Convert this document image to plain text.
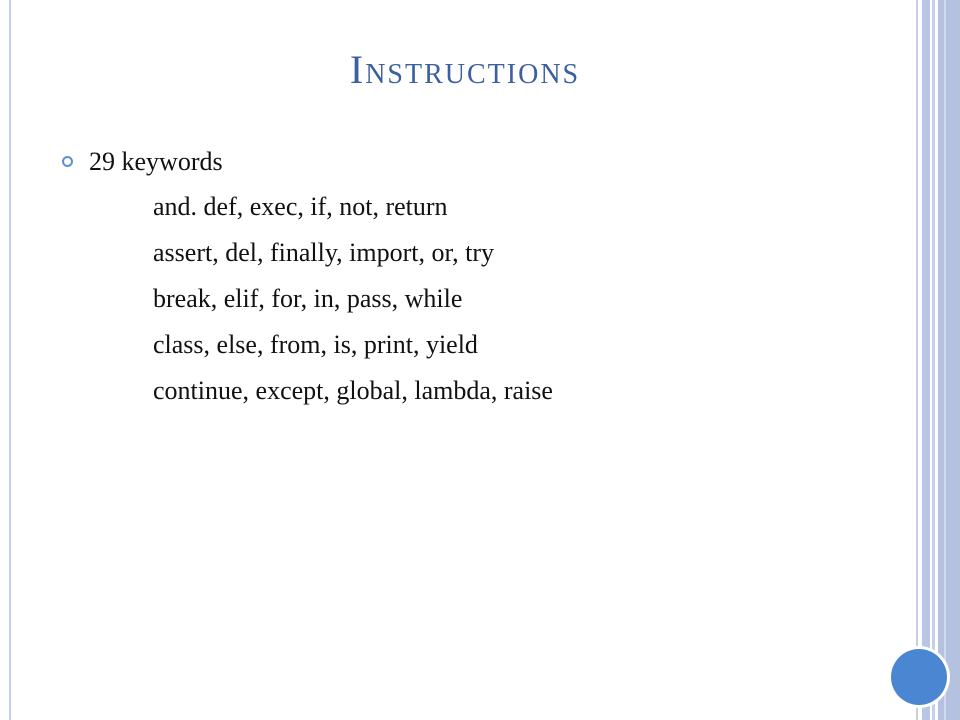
Instructions
29 keywords
and. def, exec, if, not, return
assert, del, finally, import, or, try
break, elif, for, in, pass, while
class, else, from, is, print, yield
continue, except, global, lambda, raise
